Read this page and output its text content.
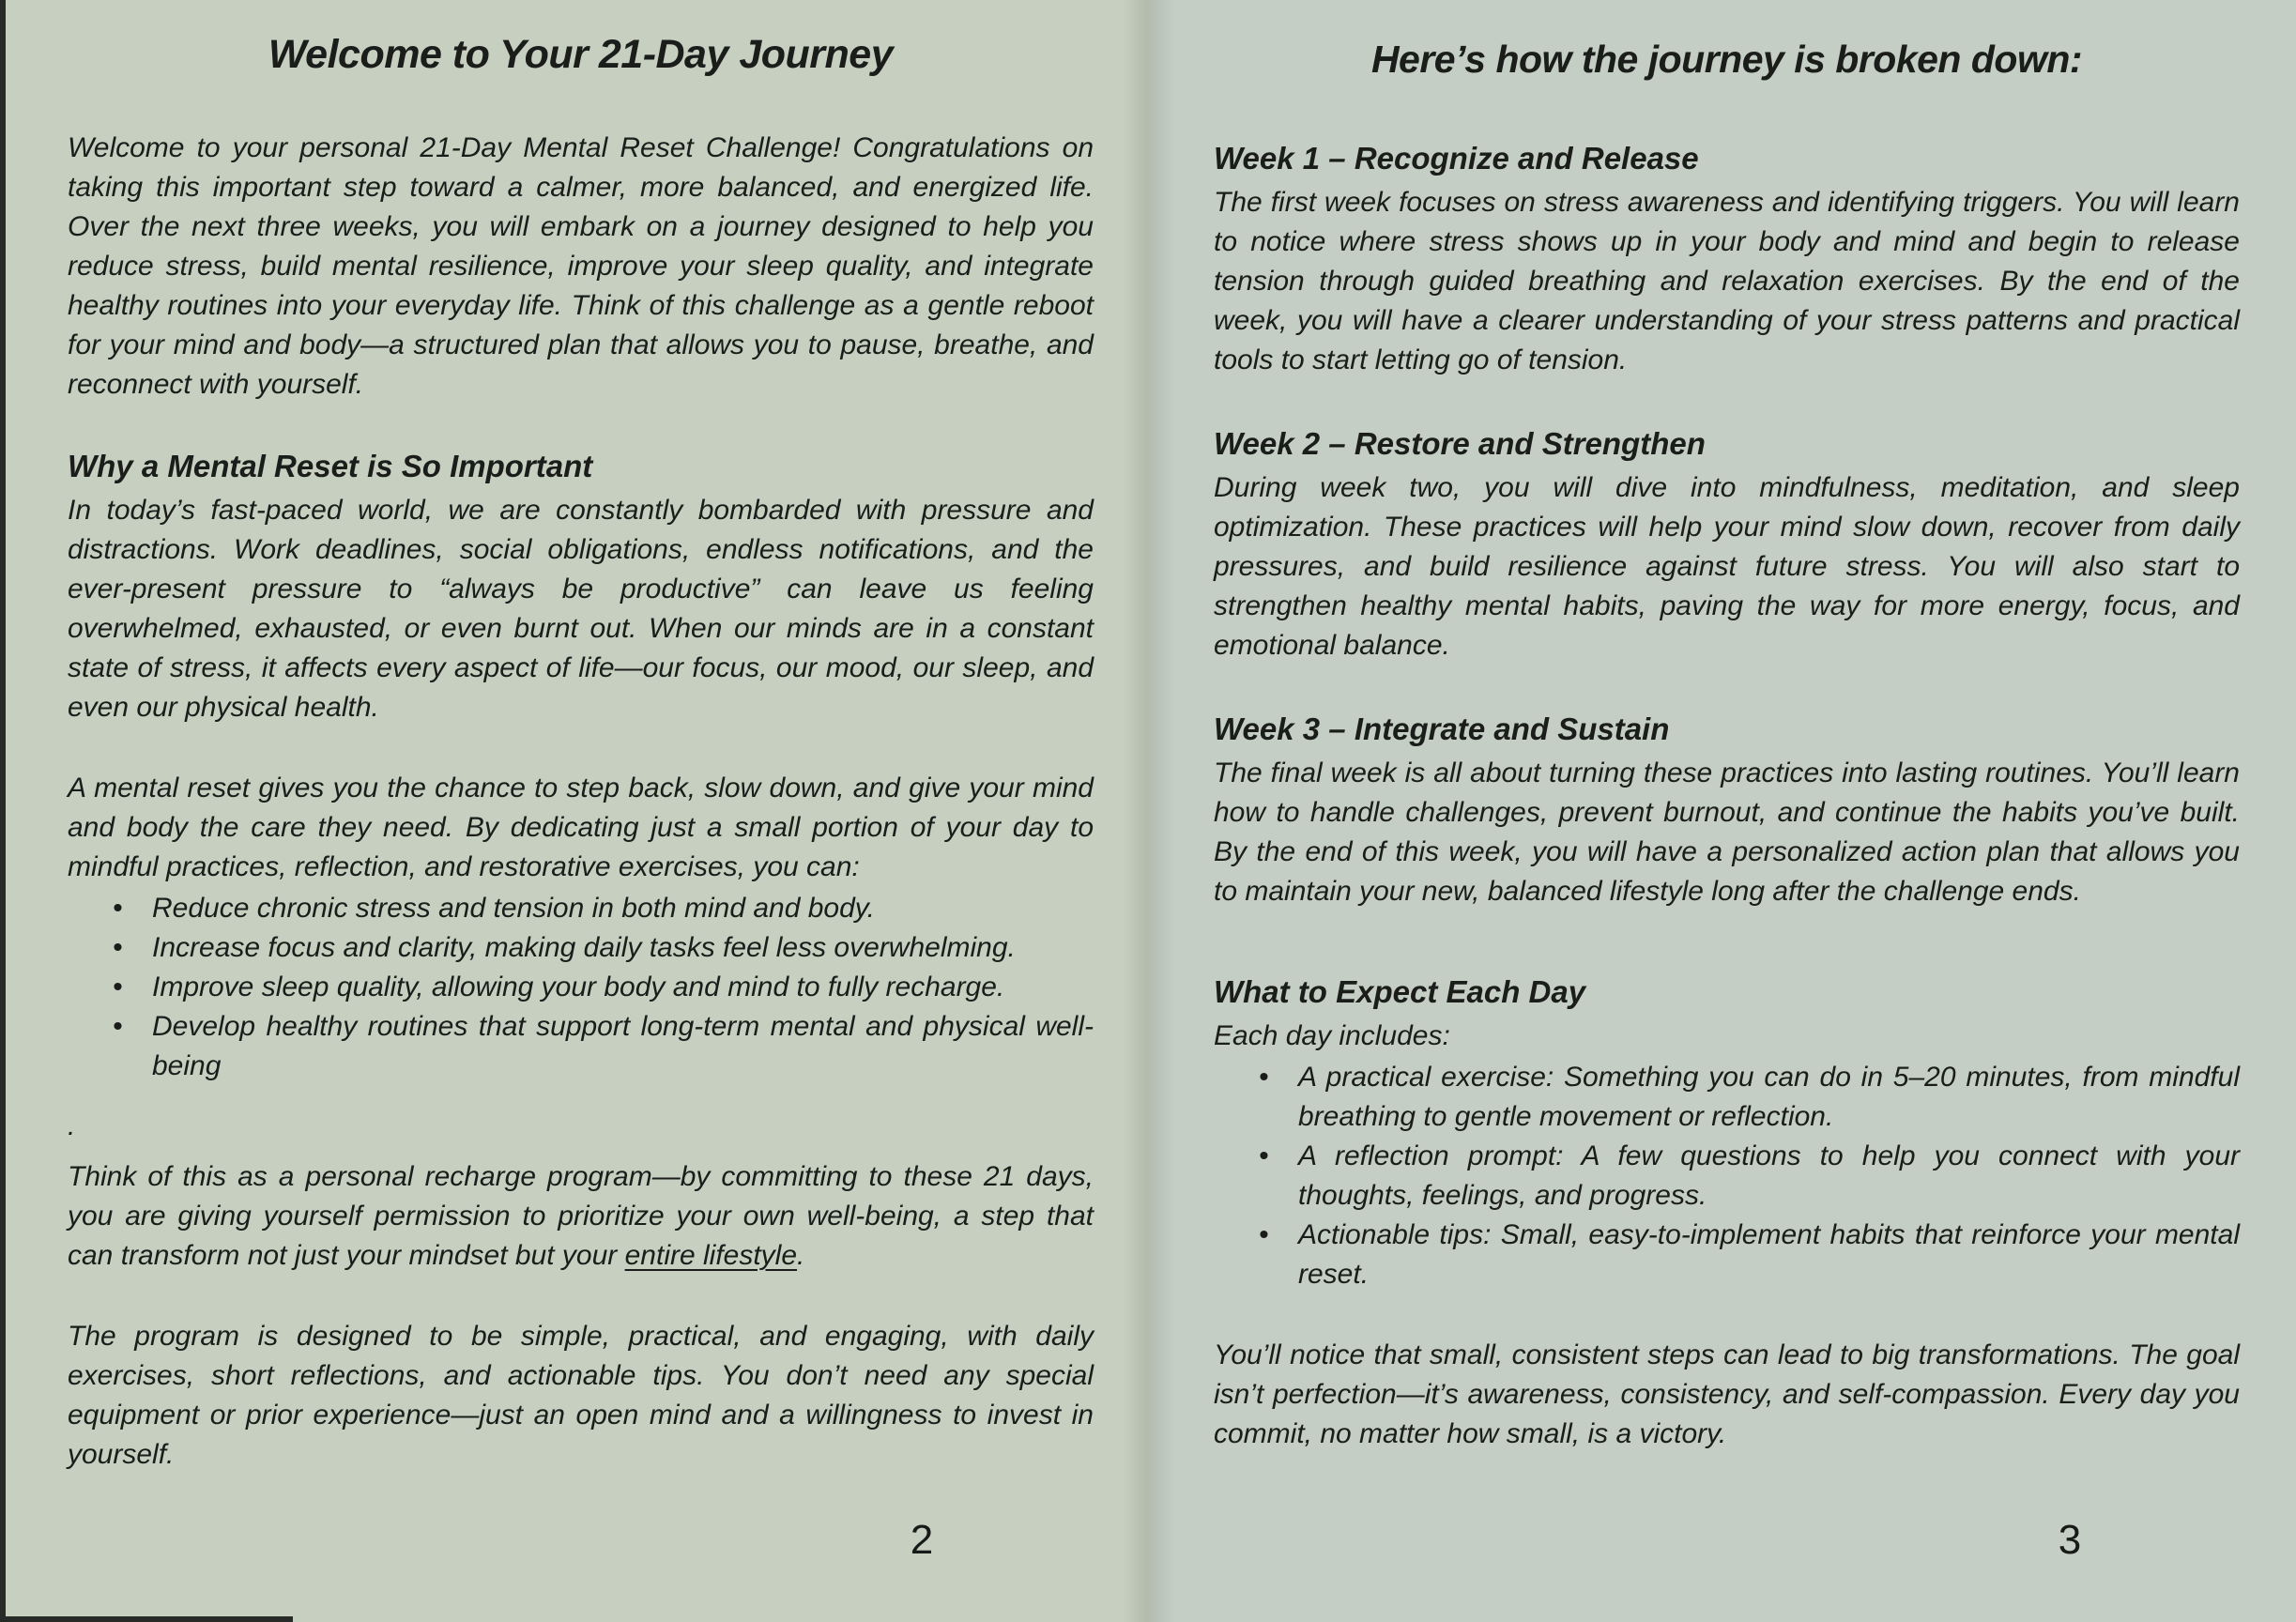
Welcome to Your 21-Day Journey

Welcome to your personal 21-Day Mental Reset Challenge! Congratulations on taking this important step toward a calmer, more balanced, and energized life. Over the next three weeks, you will embark on a journey designed to help you reduce stress, build mental resilience, improve your sleep quality, and integrate healthy routines into your everyday life. Think of this challenge as a gentle reboot for your mind and body—a structured plan that allows you to pause, breathe, and reconnect with yourself.

Why a Mental Reset is So Important

In today’s fast-paced world, we are constantly bombarded with pressure and distractions. Work deadlines, social obligations, endless notifications, and the ever-present pressure to “always be productive” can leave us feeling overwhelmed, exhausted, or even burnt out. When our minds are in a constant state of stress, it affects every aspect of life—our focus, our mood, our sleep, and even our physical health.

A mental reset gives you the chance to step back, slow down, and give your mind and body the care they need. By dedicating just a small portion of your day to mindful practices, reflection, and restorative exercises, you can:

• Reduce chronic stress and tension in both mind and body.
• Increase focus and clarity, making daily tasks feel less overwhelming.
• Improve sleep quality, allowing your body and mind to fully recharge.
• Develop healthy routines that support long-term mental and physical well-being

.

Think of this as a personal recharge program—by committing to these 21 days, you are giving yourself permission to prioritize your own well-being, a step that can transform not just your mindset but your entire lifestyle.

The program is designed to be simple, practical, and engaging, with daily exercises, short reflections, and actionable tips. You don’t need any special equipment or prior experience—just an open mind and a willingness to invest in yourself.

2
Here’s how the journey is broken down:
Week 1 – Recognize and Release

The first week focuses on stress awareness and identifying triggers. You will learn to notice where stress shows up in your body and mind and begin to release tension through guided breathing and relaxation exercises. By the end of the week, you will have a clearer understanding of your stress patterns and practical tools to start letting go of tension.

Week 2 – Restore and Strengthen

During week two, you will dive into mindfulness, meditation, and sleep optimization. These practices will help your mind slow down, recover from daily pressures, and build resilience against future stress. You will also start to strengthen healthy mental habits, paving the way for more energy, focus, and emotional balance.

Week 3 – Integrate and Sustain

The final week is all about turning these practices into lasting routines. You’ll learn how to handle challenges, prevent burnout, and continue the habits you’ve built. By the end of this week, you will have a personalized action plan that allows you to maintain your new, balanced lifestyle long after the challenge ends.

What to Expect Each Day

Each day includes:

• A practical exercise: Something you can do in 5–20 minutes, from mindful breathing to gentle movement or reflection.
• A reflection prompt: A few questions to help you connect with your thoughts, feelings, and progress.
• Actionable tips: Small, easy-to-implement habits that reinforce your mental reset.

You’ll notice that small, consistent steps can lead to big transformations. The goal isn’t perfection—it’s awareness, consistency, and self-compassion. Every day you commit, no matter how small, is a victory.

3
